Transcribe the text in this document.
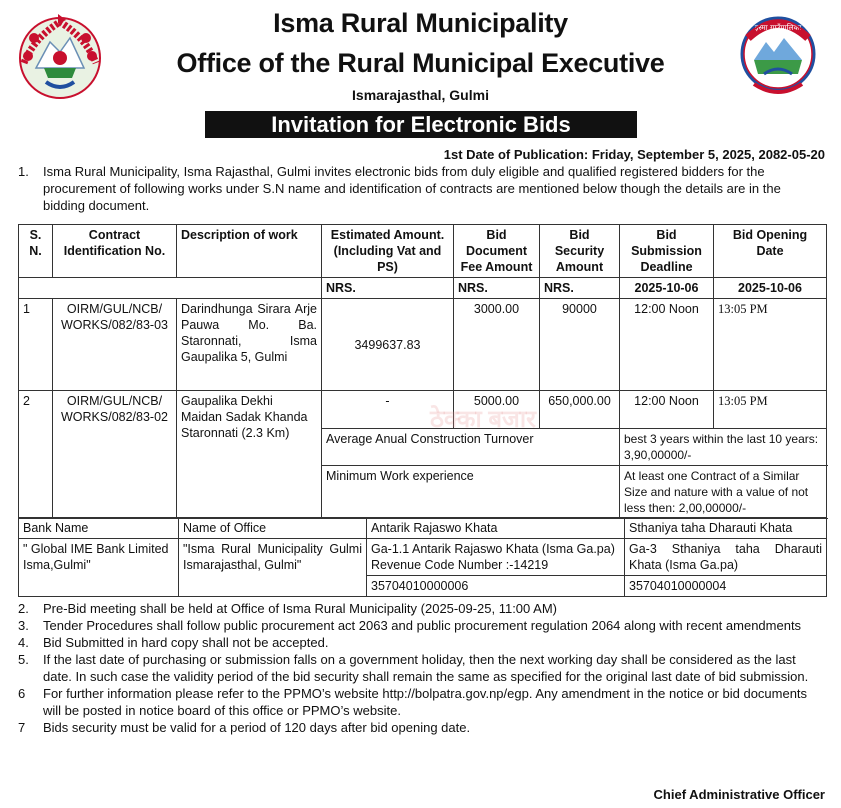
Isma Rural Municipality
Office of the Rural Municipal Executive
Ismarajasthal, Gulmi
इस्मा गाउँपालिका
Invitation for Electronic Bids
1st Date of Publication: Friday, September 5, 2025, 2082-05-20
1. Isma Rural Municipality, Isma Rajasthal, Gulmi invites electronic bids from duly eligible and qualified registered bidders for the procurement of following works under S.N name and identification of contracts are mentioned below though the details are in the bidding document.
S. N.	Contract Identification No.	Description of work	Estimated Amount.(Including Vat and PS)	Bid Document Fee Amount	Bid Security Amount	Bid Submission Deadline	Bid Opening Date
			NRS.	NRS.	NRS.	2025-10-06	2025-10-06
1	OIRM/GUL/NCB/ WORKS/082/83-03	Darindhunga Sirara Arje Pauwa Mo. Ba. Staronnati, Isma Gaupalika 5, Gulmi	3499637.83	3000.00	90000	12:00 Noon	13:05 PM
2	OIRM/GUL/NCB/ WORKS/082/83-02	Gaupalika Dekhi Maidan Sadak Khanda Staronnati (2.3 Km)	-	5000.00	650,000.00	12:00 Noon	13:05 PM
			Average Anual Construction Turnover			best 3 years within the last 10 years: 3,90,00000/-	
			Minimum Work experience			At least one Contract of a Similar Size and nature with a value of not less then: 2,00,00000/-	
ठेक्का बजार
Bank Name	Name of Office	Antarik Rajaswo Khata	Sthaniya taha Dharauti Khata
" Global IME Bank Limited Isma,Gulmi"	"Isma Rural Municipality Gulmi Ismarajasthal, Gulmi"	Ga-1.1 Antarik Rajaswo Khata (Isma Ga.pa) Revenue Code Number :-14219	Ga-3 Sthaniya taha Dharauti Khata (Isma Ga.pa)
		35704010000006	35704010000004
2. Pre-Bid meeting shall be held at Office of Isma Rural Municipality (2025-09-25, 11:00 AM)
3. Tender Procedures shall follow public procurement act 2063 and public procurement regulation 2064 along with recent amendments
4. Bid Submitted in hard copy shall not be accepted.
5. If the last date of purchasing or submission falls on a government holiday, then the next working day shall be considered as the last date. In such case the validity period of the bid security shall remain the same as specified for the original last date of bid submission.
6 For further information please refer to the PPMO’s website http://bolpatra.gov.np/egp. Any amendment in the notice or bid documents will be posted in notice board of this office or PPMO’s website.
7 Bids security must be valid for a period of 120 days after bid opening date.
Chief Administrative Officer
